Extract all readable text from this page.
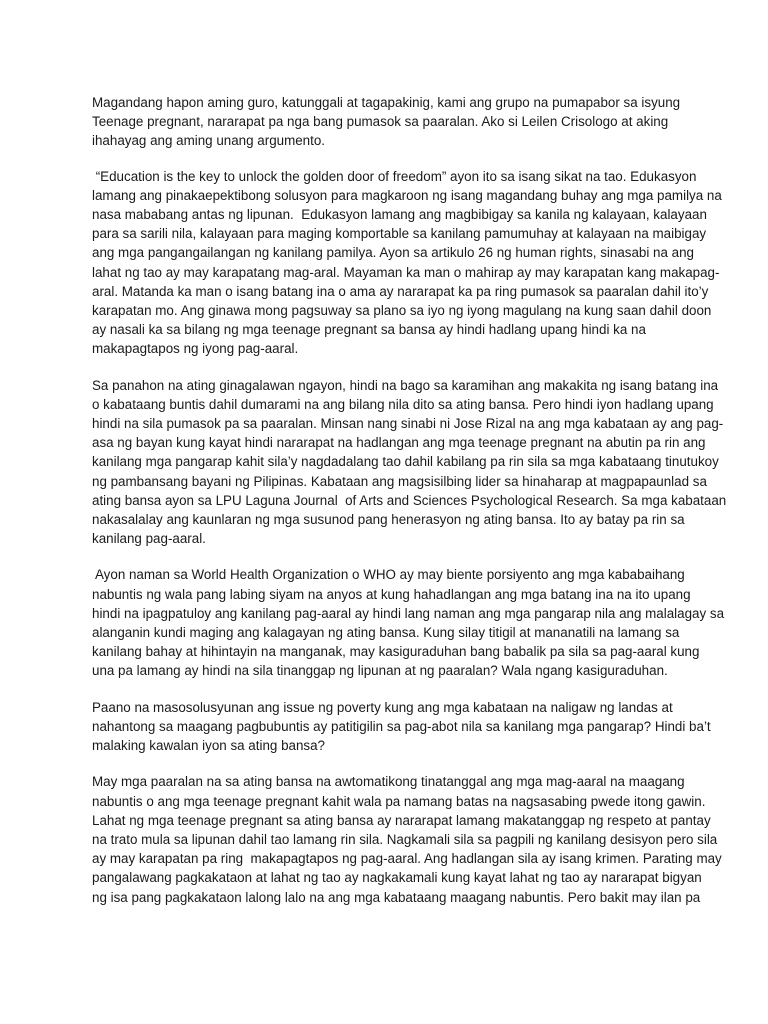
Magandang hapon aming guro, katunggali at tagapakinig, kami ang grupo na pumapabor sa isyung
Teenage pregnant, nararapat pa nga bang pumasok sa paaralan. Ako si Leilen Crisologo at aking
ihahayag ang aming unang argumento.

“Education is the key to unlock the golden door of freedom” ayon ito sa isang sikat na tao. Edukasyon
lamang ang pinakaepektibong solusyon para magkaroon ng isang magandang buhay ang mga pamilya na
nasa mababang antas ng lipunan.  Edukasyon lamang ang magbibigay sa kanila ng kalayaan, kalayaan
para sa sarili nila, kalayaan para maging komportable sa kanilang pamumuhay at kalayaan na maibigay
ang mga pangangailangan ng kanilang pamilya. Ayon sa artikulo 26 ng human rights, sinasabi na ang
lahat ng tao ay may karapatang mag-aral. Mayaman ka man o mahirap ay may karapatan kang makapag-
aral. Matanda ka man o isang batang ina o ama ay nararapat ka pa ring pumasok sa paaralan dahil ito’y
karapatan mo. Ang ginawa mong pagsuway sa plano sa iyo ng iyong magulang na kung saan dahil doon
ay nasali ka sa bilang ng mga teenage pregnant sa bansa ay hindi hadlang upang hindi ka na
makapagtapos ng iyong pag-aaral.

Sa panahon na ating ginagalawan ngayon, hindi na bago sa karamihan ang makakita ng isang batang ina
o kabataang buntis dahil dumarami na ang bilang nila dito sa ating bansa. Pero hindi iyon hadlang upang
hindi na sila pumasok pa sa paaralan. Minsan nang sinabi ni Jose Rizal na ang mga kabataan ay ang pag-
asa ng bayan kung kayat hindi nararapat na hadlangan ang mga teenage pregnant na abutin pa rin ang
kanilang mga pangarap kahit sila’y nagdadalang tao dahil kabilang pa rin sila sa mga kabataang tinutukoy
ng pambansang bayani ng Pilipinas. Kabataan ang magsisilbing lider sa hinaharap at magpapaunlad sa
ating bansa ayon sa LPU Laguna Journal  of Arts and Sciences Psychological Research. Sa mga kabataan
nakasalalay ang kaunlaran ng mga susunod pang henerasyon ng ating bansa. Ito ay batay pa rin sa
kanilang pag-aaral.

Ayon naman sa World Health Organization o WHO ay may biente porsiyento ang mga kababaihang
nabuntis ng wala pang labing siyam na anyos at kung hahadlangan ang mga batang ina na ito upang
hindi na ipagpatuloy ang kanilang pag-aaral ay hindi lang naman ang mga pangarap nila ang malalagay sa
alanganin kundi maging ang kalagayan ng ating bansa. Kung silay titigil at mananatili na lamang sa
kanilang bahay at hihintayin na manganak, may kasiguraduhan bang babalik pa sila sa pag-aaral kung
una pa lamang ay hindi na sila tinanggap ng lipunan at ng paaralan? Wala ngang kasiguraduhan.

Paano na masosolusyunan ang issue ng poverty kung ang mga kabataan na naligaw ng landas at
nahantong sa maagang pagbubuntis ay patitigilin sa pag-abot nila sa kanilang mga pangarap? Hindi ba’t
malaking kawalan iyon sa ating bansa?

May mga paaralan na sa ating bansa na awtomatikong tinatanggal ang mga mag-aaral na maagang
nabuntis o ang mga teenage pregnant kahit wala pa namang batas na nagsasabing pwede itong gawin.
Lahat ng mga teenage pregnant sa ating bansa ay nararapat lamang makatanggap ng respeto at pantay
na trato mula sa lipunan dahil tao lamang rin sila. Nagkamali sila sa pagpili ng kanilang desisyon pero sila
ay may karapatan pa ring  makapagtapos ng pag-aaral. Ang hadlangan sila ay isang krimen. Parating may
pangalawang pagkakataon at lahat ng tao ay nagkakamali kung kayat lahat ng tao ay nararapat bigyan
ng isa pang pagkakataon lalong lalo na ang mga kabataang maagang nabuntis. Pero bakit may ilan pa
